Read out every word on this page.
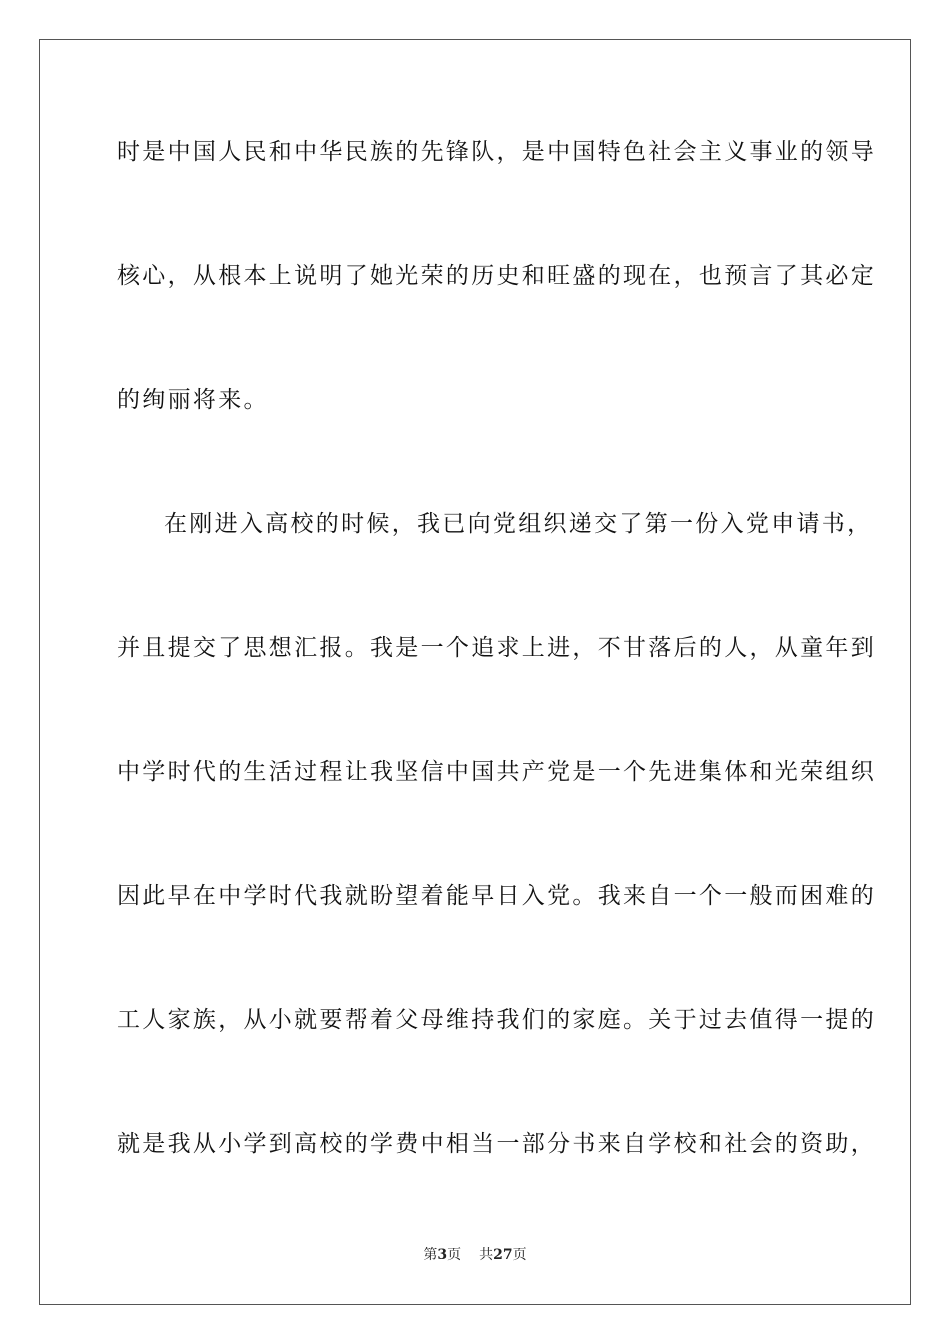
时是中国人民和中华民族的先锋队，是中国特色社会主义事业的领导

核心，从根本上说明了她光荣的历史和旺盛的现在，也预言了其必定

的绚丽将来。

在刚进入高校的时候，我已向党组织递交了第一份入党申请书，

并且提交了思想汇报。我是一个追求上进，不甘落后的人，从童年到

中学时代的生活过程让我坚信中国共产党是一个先进集体和光荣组织

因此早在中学时代我就盼望着能早日入党。我来自一个一般而困难的

工人家族，从小就要帮着父母维持我们的家庭。关于过去值得一提的

就是我从小学到高校的学费中相当一部分书来自学校和社会的资助，

第3页 共27页
